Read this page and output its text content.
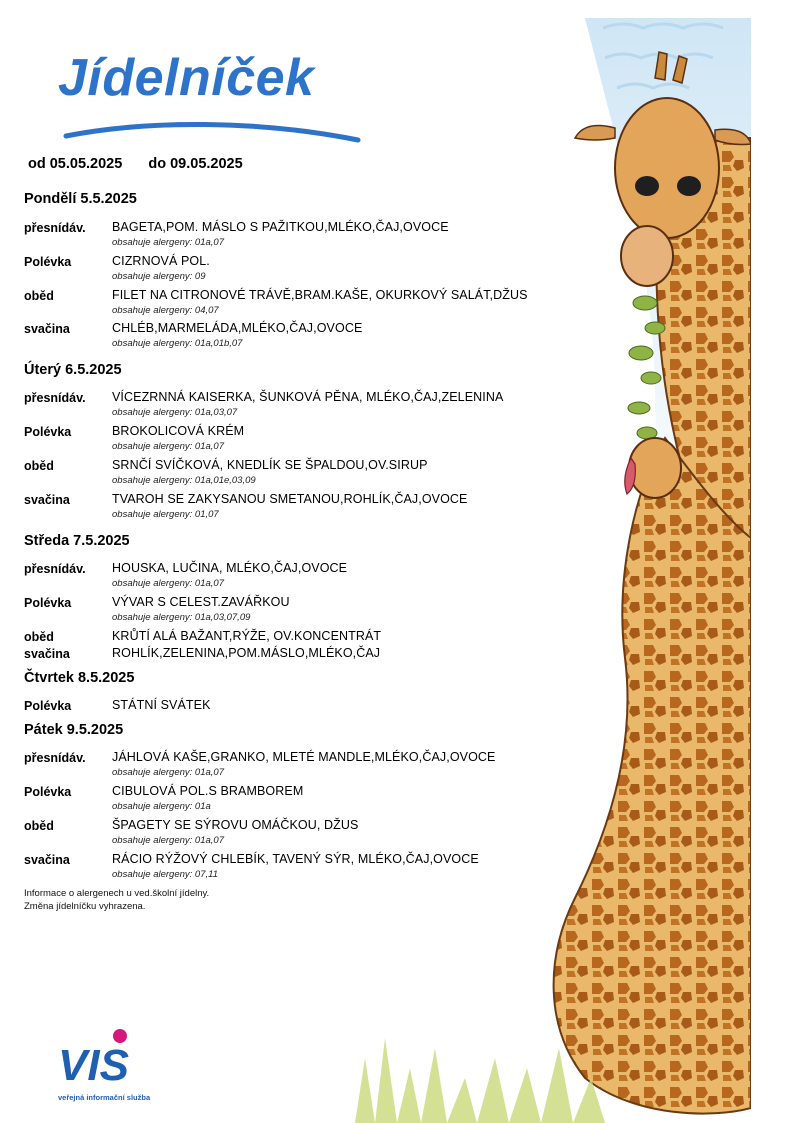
Jídelníček
od 05.05.2025 do 09.05.2025
Pondělí 5.5.2025
přesnídáv. BAGETA,POM. MÁSLO S PAŽITKOU,MLÉKO,ČAJ,OVOCE
obsahuje alergeny: 01a,07
Polévka	CIZRNOVÁ POL.
obsahuje alergeny: 09
oběd	FILET NA CITRONOVÉ TRÁVĚ,BRAM.KAŠE, OKURKOVÝ SALÁT,DŽUS
obsahuje alergeny: 04,07
svačina	CHLÉB,MARMELÁDA,MLÉKO,ČAJ,OVOCE
obsahuje alergeny: 01a,01b,07
Úterý 6.5.2025
přesnídáv. VÍCEZRNNÁ KAISERKA, ŠUNKOVÁ PĚNA, MLÉKO,ČAJ,ZELENINA
obsahuje alergeny: 01a,03,07
Polévka	BROKOLICOVÁ KRÉM
obsahuje alergeny: 01a,07
oběd	SRNČÍ SVÍČKOVÁ, KNEDLÍK SE ŠPALDOU,OV.SIRUP
obsahuje alergeny: 01a,01e,03,09
svačina	TVAROH SE ZAKYSANOU SMETANOU,ROHLÍK,ČAJ,OVOCE
obsahuje alergeny: 01,07
Středa 7.5.2025
přesnídáv. HOUSKA, LUČINA, MLÉKO,ČAJ,OVOCE
obsahuje alergeny: 01a,07
Polévka	VÝVAR S CELEST.ZAVÁŘKOU
obsahuje alergeny: 01a,03,07,09
oběd	KRŮTÍ ALÁ BAŽANT,RÝŽE, OV.KONCENTRÁT
svačina	ROHLÍK,ZELENINA,POM.MÁSLO,MLÉKO,ČAJ
Čtvrtek 8.5.2025
Polévka	STÁTNÍ SVÁTEK
Pátek 9.5.2025
přesnídáv. JÁHLOVÁ KAŠE,GRANKO, MLETÉ MANDLE,MLÉKO,ČAJ,OVOCE
obsahuje alergeny: 01a,07
Polévka	CIBULOVÁ POL.S BRAMBOREM
obsahuje alergeny: 01a
oběd	ŠPAGETY SE SÝROVU OMÁČKOU, DŽUS
obsahuje alergeny: 01a,07
svačina	RÁCIO RÝŽOVÝ CHLEBÍK, TAVENÝ SÝR, MLÉKO,ČAJ,OVOCE
obsahuje alergeny: 07,11
Informace o alergenech u ved.školní jídelny.
Změna jídelníčku vyhrazena.
VIS
veřejná informační služba
